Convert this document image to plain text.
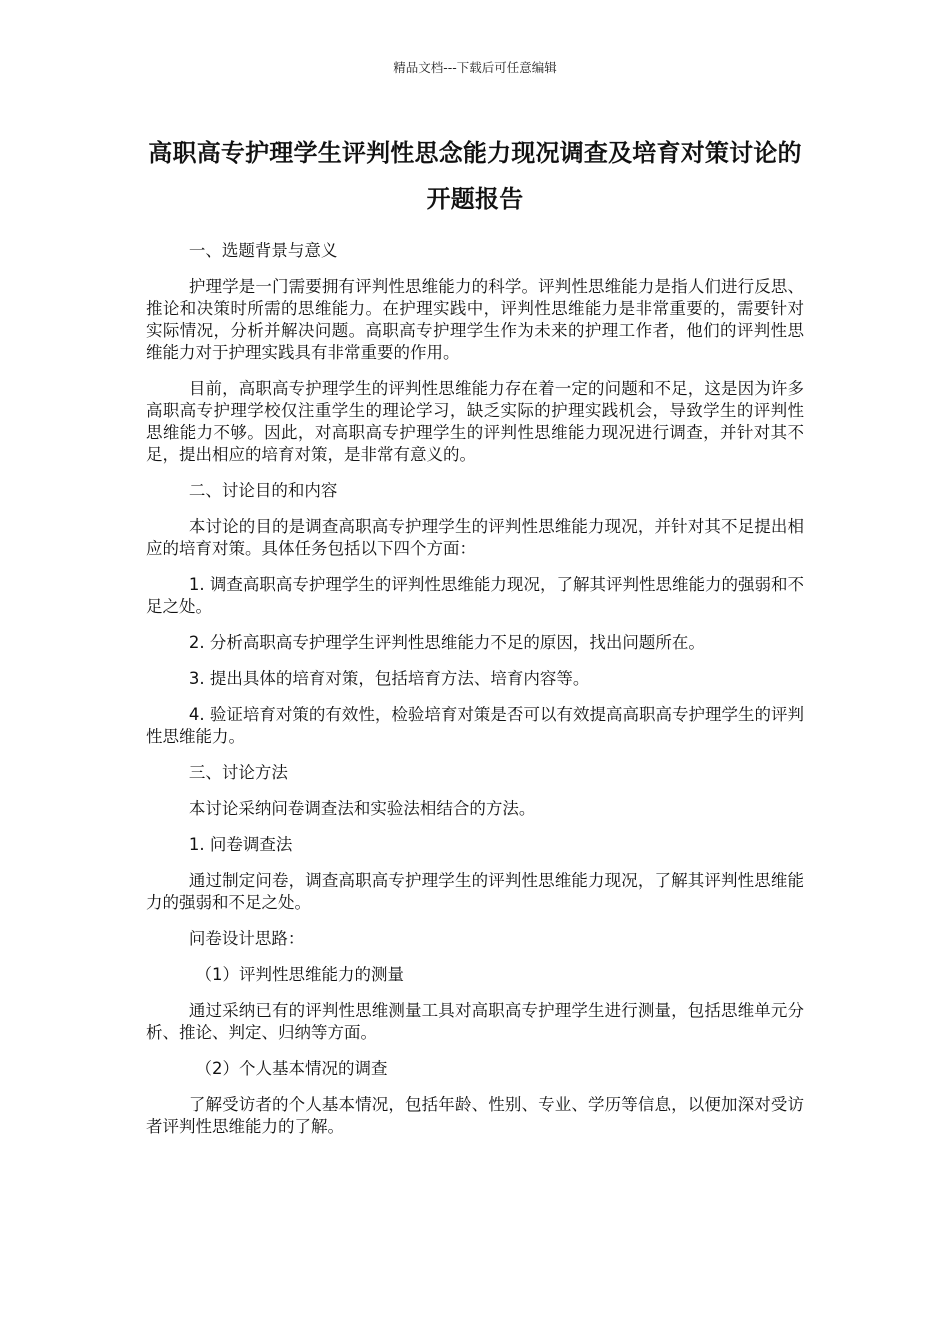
精品文档---下载后可任意编辑
高职高专护理学生评判性思念能力现况调查及培育对策讨论的开题报告

一、选题背景与意义

护理学是一门需要拥有评判性思维能力的科学。评判性思维能力是指人们进行反思、推论和决策时所需的思维能力。在护理实践中，评判性思维能力是非常重要的，需要针对实际情况，分析并解决问题。高职高专护理学生作为未来的护理工作者，他们的评判性思维能力对于护理实践具有非常重要的作用。

目前，高职高专护理学生的评判性思维能力存在着一定的问题和不足，这是因为许多高职高专护理学校仅注重学生的理论学习，缺乏实际的护理实践机会，导致学生的评判性思维能力不够。因此，对高职高专护理学生的评判性思维能力现况进行调查，并针对其不足，提出相应的培育对策，是非常有意义的。

二、讨论目的和内容

本讨论的目的是调查高职高专护理学生的评判性思维能力现况，并针对其不足提出相应的培育对策。具体任务包括以下四个方面：

1. 调查高职高专护理学生的评判性思维能力现况，了解其评判性思维能力的强弱和不足之处。

2. 分析高职高专护理学生评判性思维能力不足的原因，找出问题所在。

3. 提出具体的培育对策，包括培育方法、培育内容等。

4. 验证培育对策的有效性，检验培育对策是否可以有效提高高职高专护理学生的评判性思维能力。

三、讨论方法

本讨论采纳问卷调查法和实验法相结合的方法。

1. 问卷调查法

通过制定问卷，调查高职高专护理学生的评判性思维能力现况，了解其评判性思维能力的强弱和不足之处。

问卷设计思路：

（1）评判性思维能力的测量

通过采纳已有的评判性思维测量工具对高职高专护理学生进行测量，包括思维单元分析、推论、判定、归纳等方面。

（2）个人基本情况的调查

了解受访者的个人基本情况，包括年龄、性别、专业、学历等信息，以便加深对受访者评判性思维能力的了解。
